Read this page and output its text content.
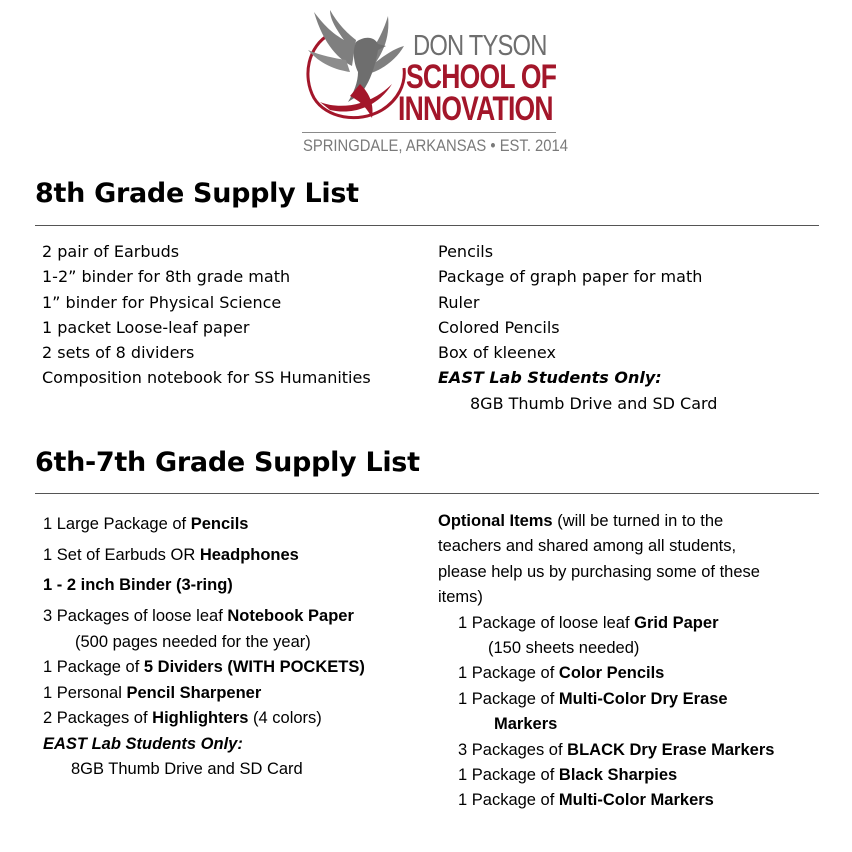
DON TYSON
SCHOOL OF
INNOVATION
SPRINGDALE, ARKANSAS • EST. 2014
8th Grade Supply List
2 pair of Earbuds
1-2” binder for 8th grade math
1” binder for Physical Science
1 packet Loose-leaf paper
2 sets of 8 dividers
Composition notebook for SS Humanities
Pencils
Package of graph paper for math
Ruler
Colored Pencils
Box of kleenex
EAST Lab Students Only:
8GB Thumb Drive and SD Card
6th-7th Grade Supply List
1 Large Package of Pencils
1 Set of Earbuds OR Headphones
1 - 2 inch Binder (3-ring)
3 Packages of loose leaf Notebook Paper
(500 pages needed for the year)
1 Package of 5 Dividers (WITH POCKETS)
1 Personal Pencil Sharpener
2 Packages of Highlighters (4 colors)
EAST Lab Students Only:
8GB Thumb Drive and SD Card
Optional Items (will be turned in to the
teachers and shared among all students,
please help us by purchasing some of these
items)
1 Package of loose leaf Grid Paper
(150 sheets needed)
1 Package of Color Pencils
1 Package of Multi-Color Dry Erase
Markers
3 Packages of BLACK Dry Erase Markers
1 Package of Black Sharpies
1 Package of Multi-Color Markers
